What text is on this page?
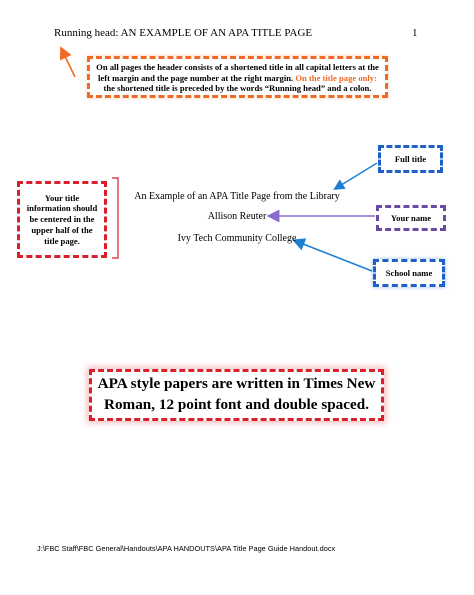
Running head: AN EXAMPLE OF AN APA TITLE PAGE	1
On all pages the header consists of a shortened title in all capital letters at the left margin and the page number at the right margin. On the title page only: the shortened title is preceded by the words “Running head” and a colon.
Your title information should be centered in the upper half of the title page.
Full title
Your name
School name
An Example of an APA Title Page from the Library
Allison Reuter
Ivy Tech Community College
APA style papers are written in Times New Roman, 12 point font and double spaced.
J:\FBC Staff\FBC General\Handouts\APA HANDOUTS\APA Title Page Guide Handout.docx
